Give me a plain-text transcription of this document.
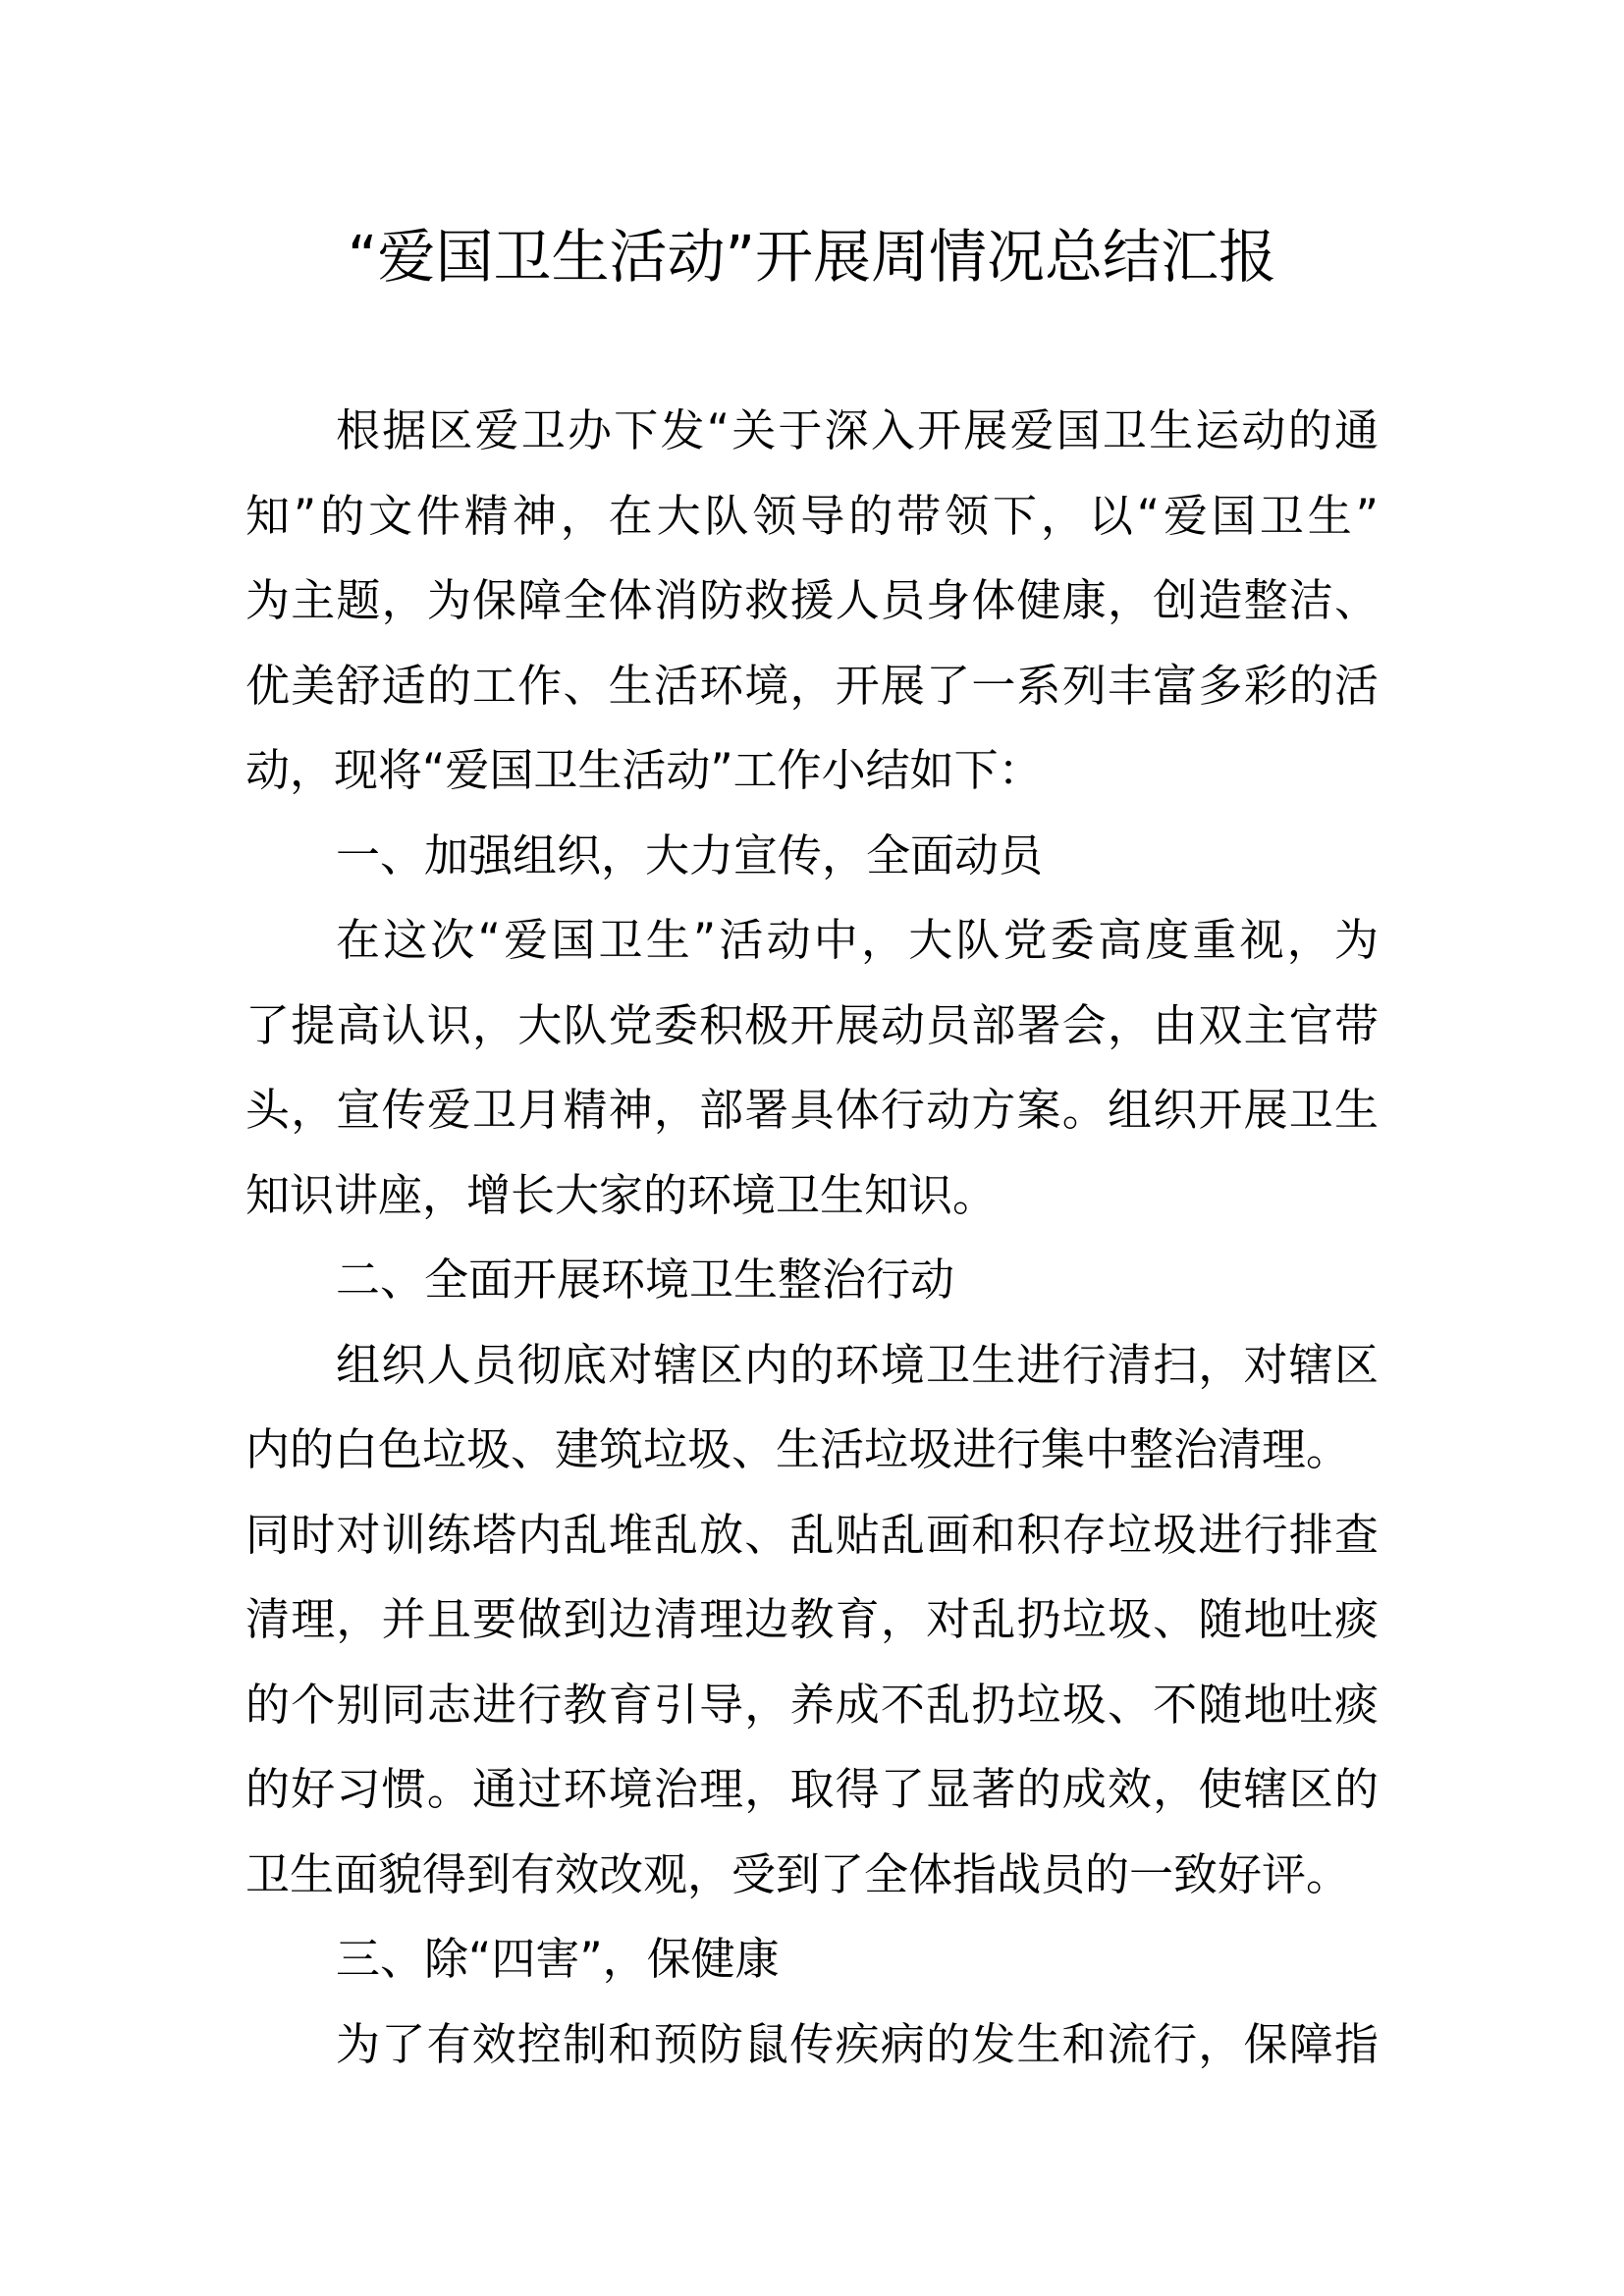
“爱国卫生活动”开展周情况总结汇报
根据区爱卫办下发“关于深入开展爱国卫生运动的通
知”的文件精神，在大队领导的带领下，以“爱国卫生”
为主题，为保障全体消防救援人员身体健康，创造整洁、
优美舒适的工作、生活环境，开展了一系列丰富多彩的活
动，现将“爱国卫生活动”工作小结如下：
一、加强组织，大力宣传，全面动员
在这次“爱国卫生”活动中，大队党委高度重视，为
了提高认识，大队党委积极开展动员部署会，由双主官带
头，宣传爱卫月精神，部署具体行动方案。组织开展卫生
知识讲座，增长大家的环境卫生知识。
二、全面开展环境卫生整治行动
组织人员彻底对辖区内的环境卫生进行清扫，对辖区
内的白色垃圾、建筑垃圾、生活垃圾进行集中整治清理。
同时对训练塔内乱堆乱放、乱贴乱画和积存垃圾进行排查
清理，并且要做到边清理边教育，对乱扔垃圾、随地吐痰
的个别同志进行教育引导，养成不乱扔垃圾、不随地吐痰
的好习惯。通过环境治理，取得了显著的成效，使辖区的
卫生面貌得到有效改观，受到了全体指战员的一致好评。
三、除“四害”，保健康
为了有效控制和预防鼠传疾病的发生和流行，保障指
